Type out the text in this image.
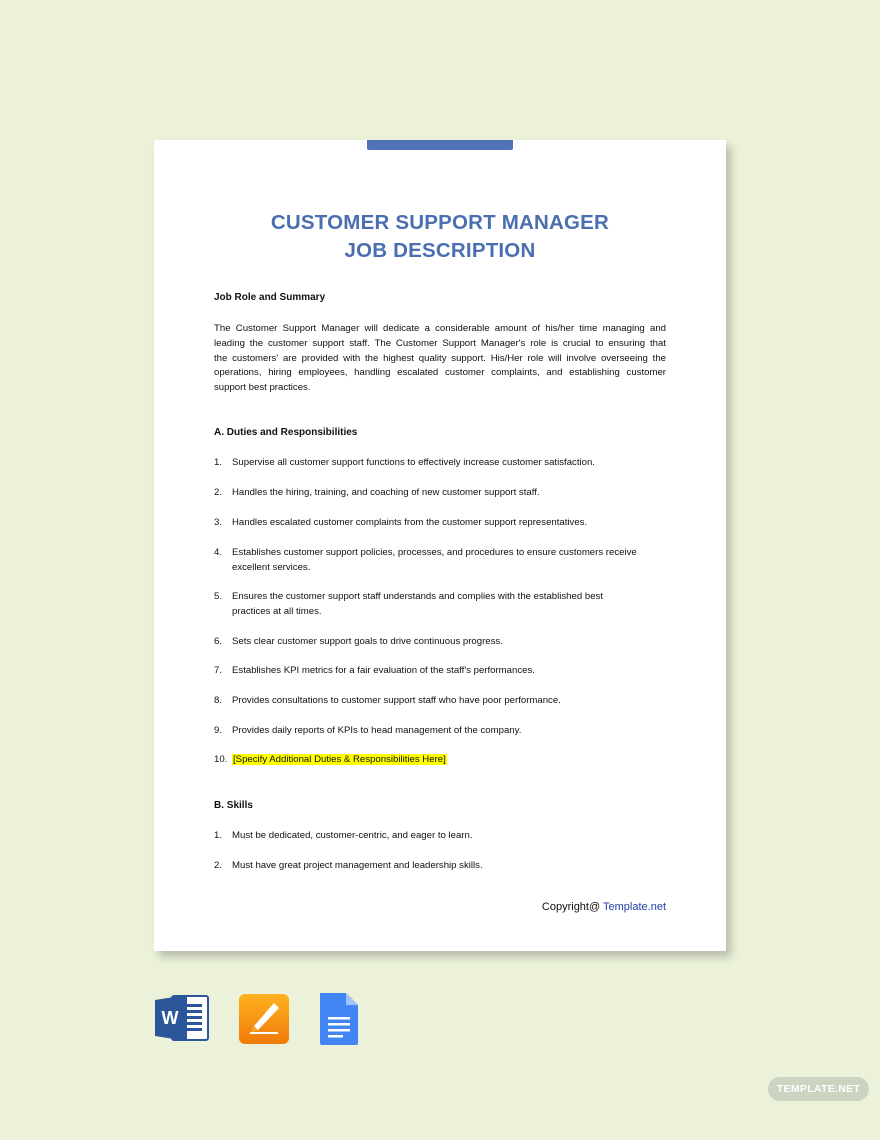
CUSTOMER SUPPORT MANAGER
JOB DESCRIPTION
Job Role and Summary
The Customer Support Manager will dedicate a considerable amount of his/her time managing and
leading the customer support staff. The Customer Support Manager's role is crucial to ensuring that
the customers' are provided with the highest quality support. His/Her role will involve overseeing the
operations, hiring employees, handling escalated customer complaints, and establishing customer
support best practices.
A. Duties and Responsibilities
1. Supervise all customer support functions to effectively increase customer satisfaction.
2. Handles the hiring, training, and coaching of new customer support staff.
3. Handles escalated customer complaints from the customer support representatives.
4. Establishes customer support policies, processes, and procedures to ensure customers receive
excellent services.
5. Ensures the customer support staff understands and complies with the established best
practices at all times.
6. Sets clear customer support goals to drive continuous progress.
7. Establishes KPI metrics for a fair evaluation of the staff's performances.
8. Provides consultations to customer support staff who have poor performance.
9. Provides daily reports of KPIs to head management of the company.
10. [Specify Additional Duties & Responsibilities Here]
B. Skills
1. Must be dedicated, customer-centric, and eager to learn.
2. Must have great project management and leadership skills.
Copyright@ Template.net
W
TEMPLATE.NET
